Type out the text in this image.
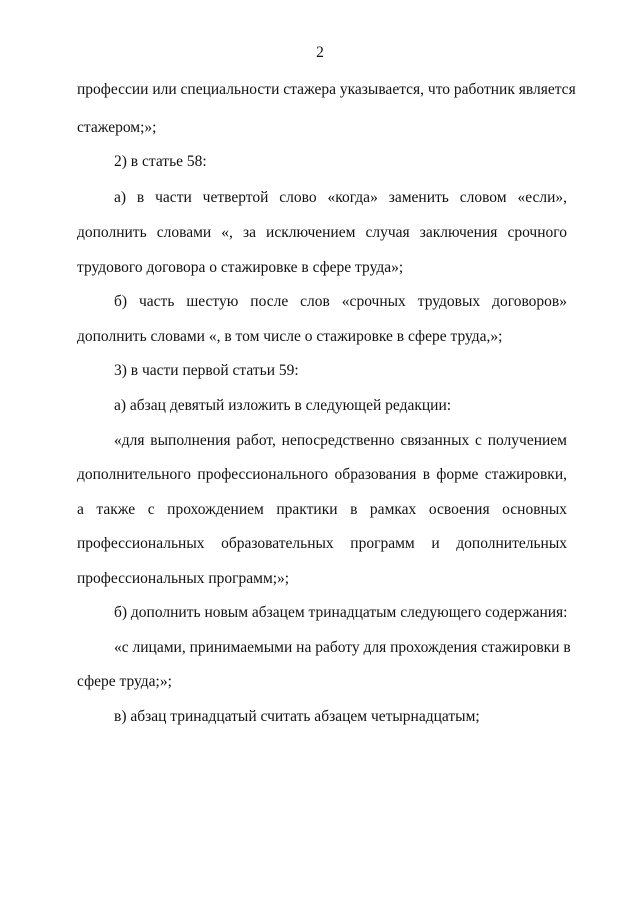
2
профессии или специальности стажера указывается, что работник является
стажером;»;
2) в статье 58:
а) в части четвертой слово «когда» заменить словом «если»,
дополнить словами «, за исключением случая заключения срочного
трудового договора о стажировке в сфере труда»;
б) часть шестую после слов «срочных трудовых договоров»
дополнить словами «, в том числе о стажировке в сфере труда,»;
3) в части первой статьи 59:
а) абзац девятый изложить в следующей редакции:
«для выполнения работ, непосредственно связанных с получением
дополнительного профессионального образования в форме стажировки,
а также с прохождением практики в рамках освоения основных
профессиональных образовательных программ и дополнительных
профессиональных программ;»;
б) дополнить новым абзацем тринадцатым следующего содержания:
«с лицами, принимаемыми на работу для прохождения стажировки в
сфере труда;»;
в) абзац тринадцатый считать абзацем четырнадцатым;
